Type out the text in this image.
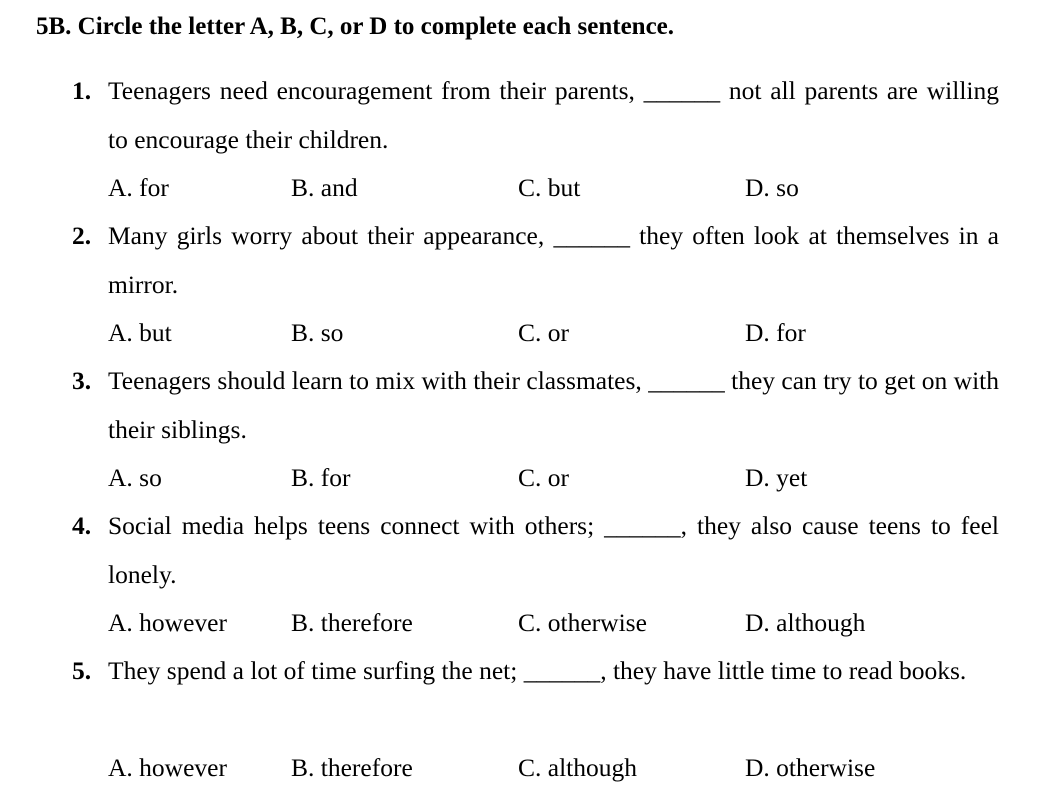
5B. Circle the letter A, B, C, or D to complete each sentence.
1. Teenagers need encouragement from their parents, ______ not all parents are willing to encourage their children.
A. for	B. and	C. but	D. so
2. Many girls worry about their appearance, ______ they often look at themselves in a mirror.
A. but	B. so	C. or	D. for
3. Teenagers should learn to mix with their classmates, ______ they can try to get on with their siblings.
A. so	B. for	C. or	D. yet
4. Social media helps teens connect with others; ______, they also cause teens to feel lonely.
A. however	B. therefore	C. otherwise	D. although
5. They spend a lot of time surfing the net; ______, they have little time to read books.
A. however	B. therefore	C. although	D. otherwise
